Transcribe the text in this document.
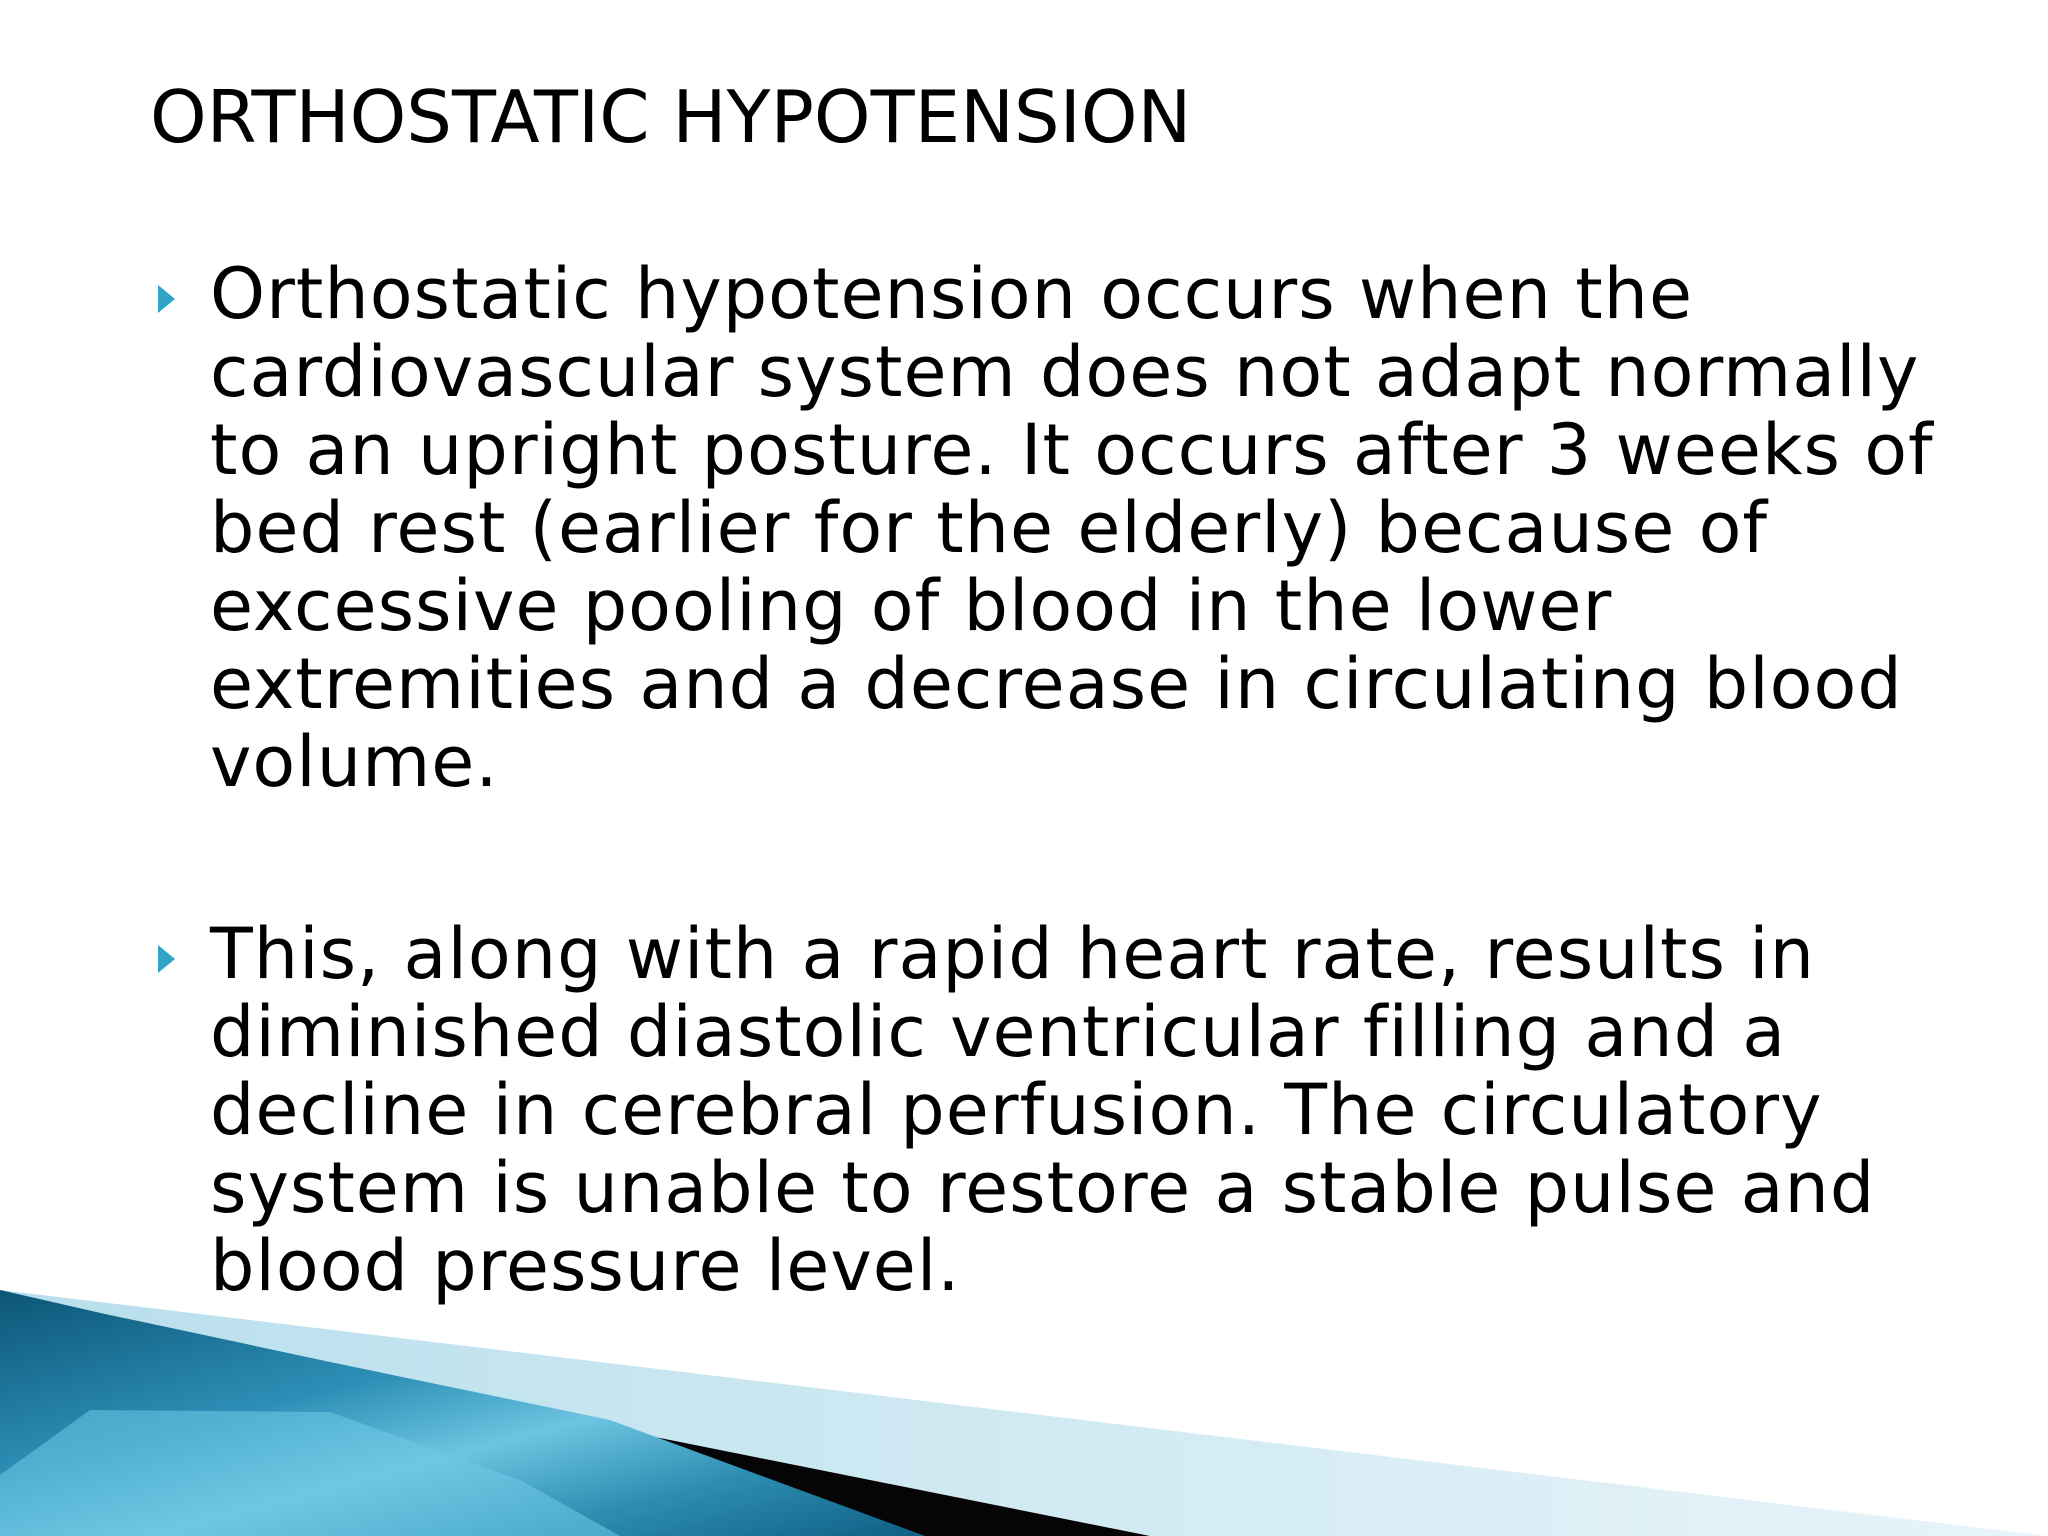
ORTHOSTATIC HYPOTENSION
Orthostatic hypotension occurs when the cardiovascular system does not adapt normally to an upright posture. It occurs after 3 weeks of bed rest (earlier for the elderly) because of excessive pooling of blood in the lower extremities and a decrease in circulating blood volume.
This, along with a rapid heart rate, results in diminished diastolic ventricular filling and a decline in cerebral perfusion. The circulatory system is unable to restore a stable pulse and blood pressure level.
